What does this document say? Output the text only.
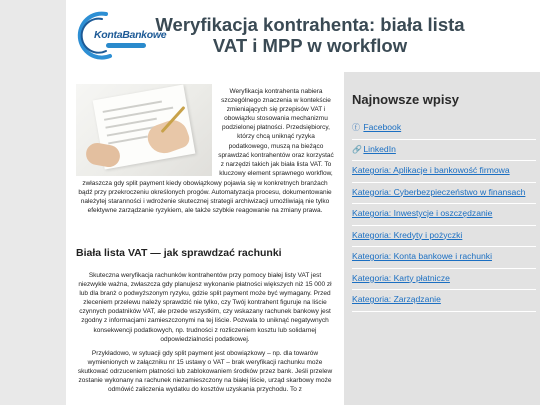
KontaBankowe
Weryfikacja kontrahenta: biała lista VAT i MPP w workflow

Weryfikacja kontrahenta nabiera szczególnego znaczenia w kontekście zmieniających się przepisów VAT i obowiązku stosowania mechanizmu podzielonej płatności. Przedsiębiorcy, którzy chcą uniknąć ryzyka podatkowego, muszą na bieżąco sprawdzać kontrahentów oraz korzystać z narzędzi takich jak biała lista VAT. To kluczowy element sprawnego workflow,

zwłaszcza gdy split payment kiedy obowiązkowy pojawia się w konkretnych branżach bądź przy przekroczeniu określonych progów. Automatyzacja procesu, dokumentowanie należytej staranności i wdrożenie skutecznej strategii archiwizacji umożliwiają nie tylko efektywne zarządzanie ryzykiem, ale także szybkie reagowanie na zmiany prawa.

Biała lista VAT — jak sprawdzać rachunki

Skuteczna weryfikacja rachunków kontrahentów przy pomocy białej listy VAT jest niezwykle ważna, zwłaszcza gdy planujesz wykonanie płatności większych niż 15 000 zł lub dla branż o podwyższonym ryzyku, gdzie split payment może być wymagany. Przed zleceniem przelewu należy sprawdzić nie tylko, czy Twój kontrahent figuruje na liście czynnych podatników VAT, ale przede wszystkim, czy wskazany rachunek bankowy jest zgodny z informacjami zamieszczonymi na tej liście. Pozwala to uniknąć negatywnych konsekwencji podatkowych, np. trudności z rozliczeniem kosztu lub solidarnej odpowiedzialności podatkowej.

Przykładowo, w sytuacji gdy split payment jest obowiązkowy – np. dla towarów wymienionych w załączniku nr 15 ustawy o VAT – brak weryfikacji rachunku może skutkować odrzuceniem płatności lub zablokowaniem środków przez bank. Jeśli przelew zostanie wykonany na rachunek niezamieszczony na białej liście, urząd skarbowy może odmówić zaliczenia wydatku do kosztów uzyskania przychodu. To z

Najnowsze wpisy
ⓕ Facebook
🔗 LinkedIn
Kategoria: Aplikacje i bankowość firmowa
Kategoria: Cyberbezpieczeństwo w finansach
Kategoria: Inwestycje i oszczędzanie
Kategoria: Kredyty i pożyczki
Kategoria: Konta bankowe i rachunki
Kategoria: Karty płatnicze
Kategoria: Zarządzanie
